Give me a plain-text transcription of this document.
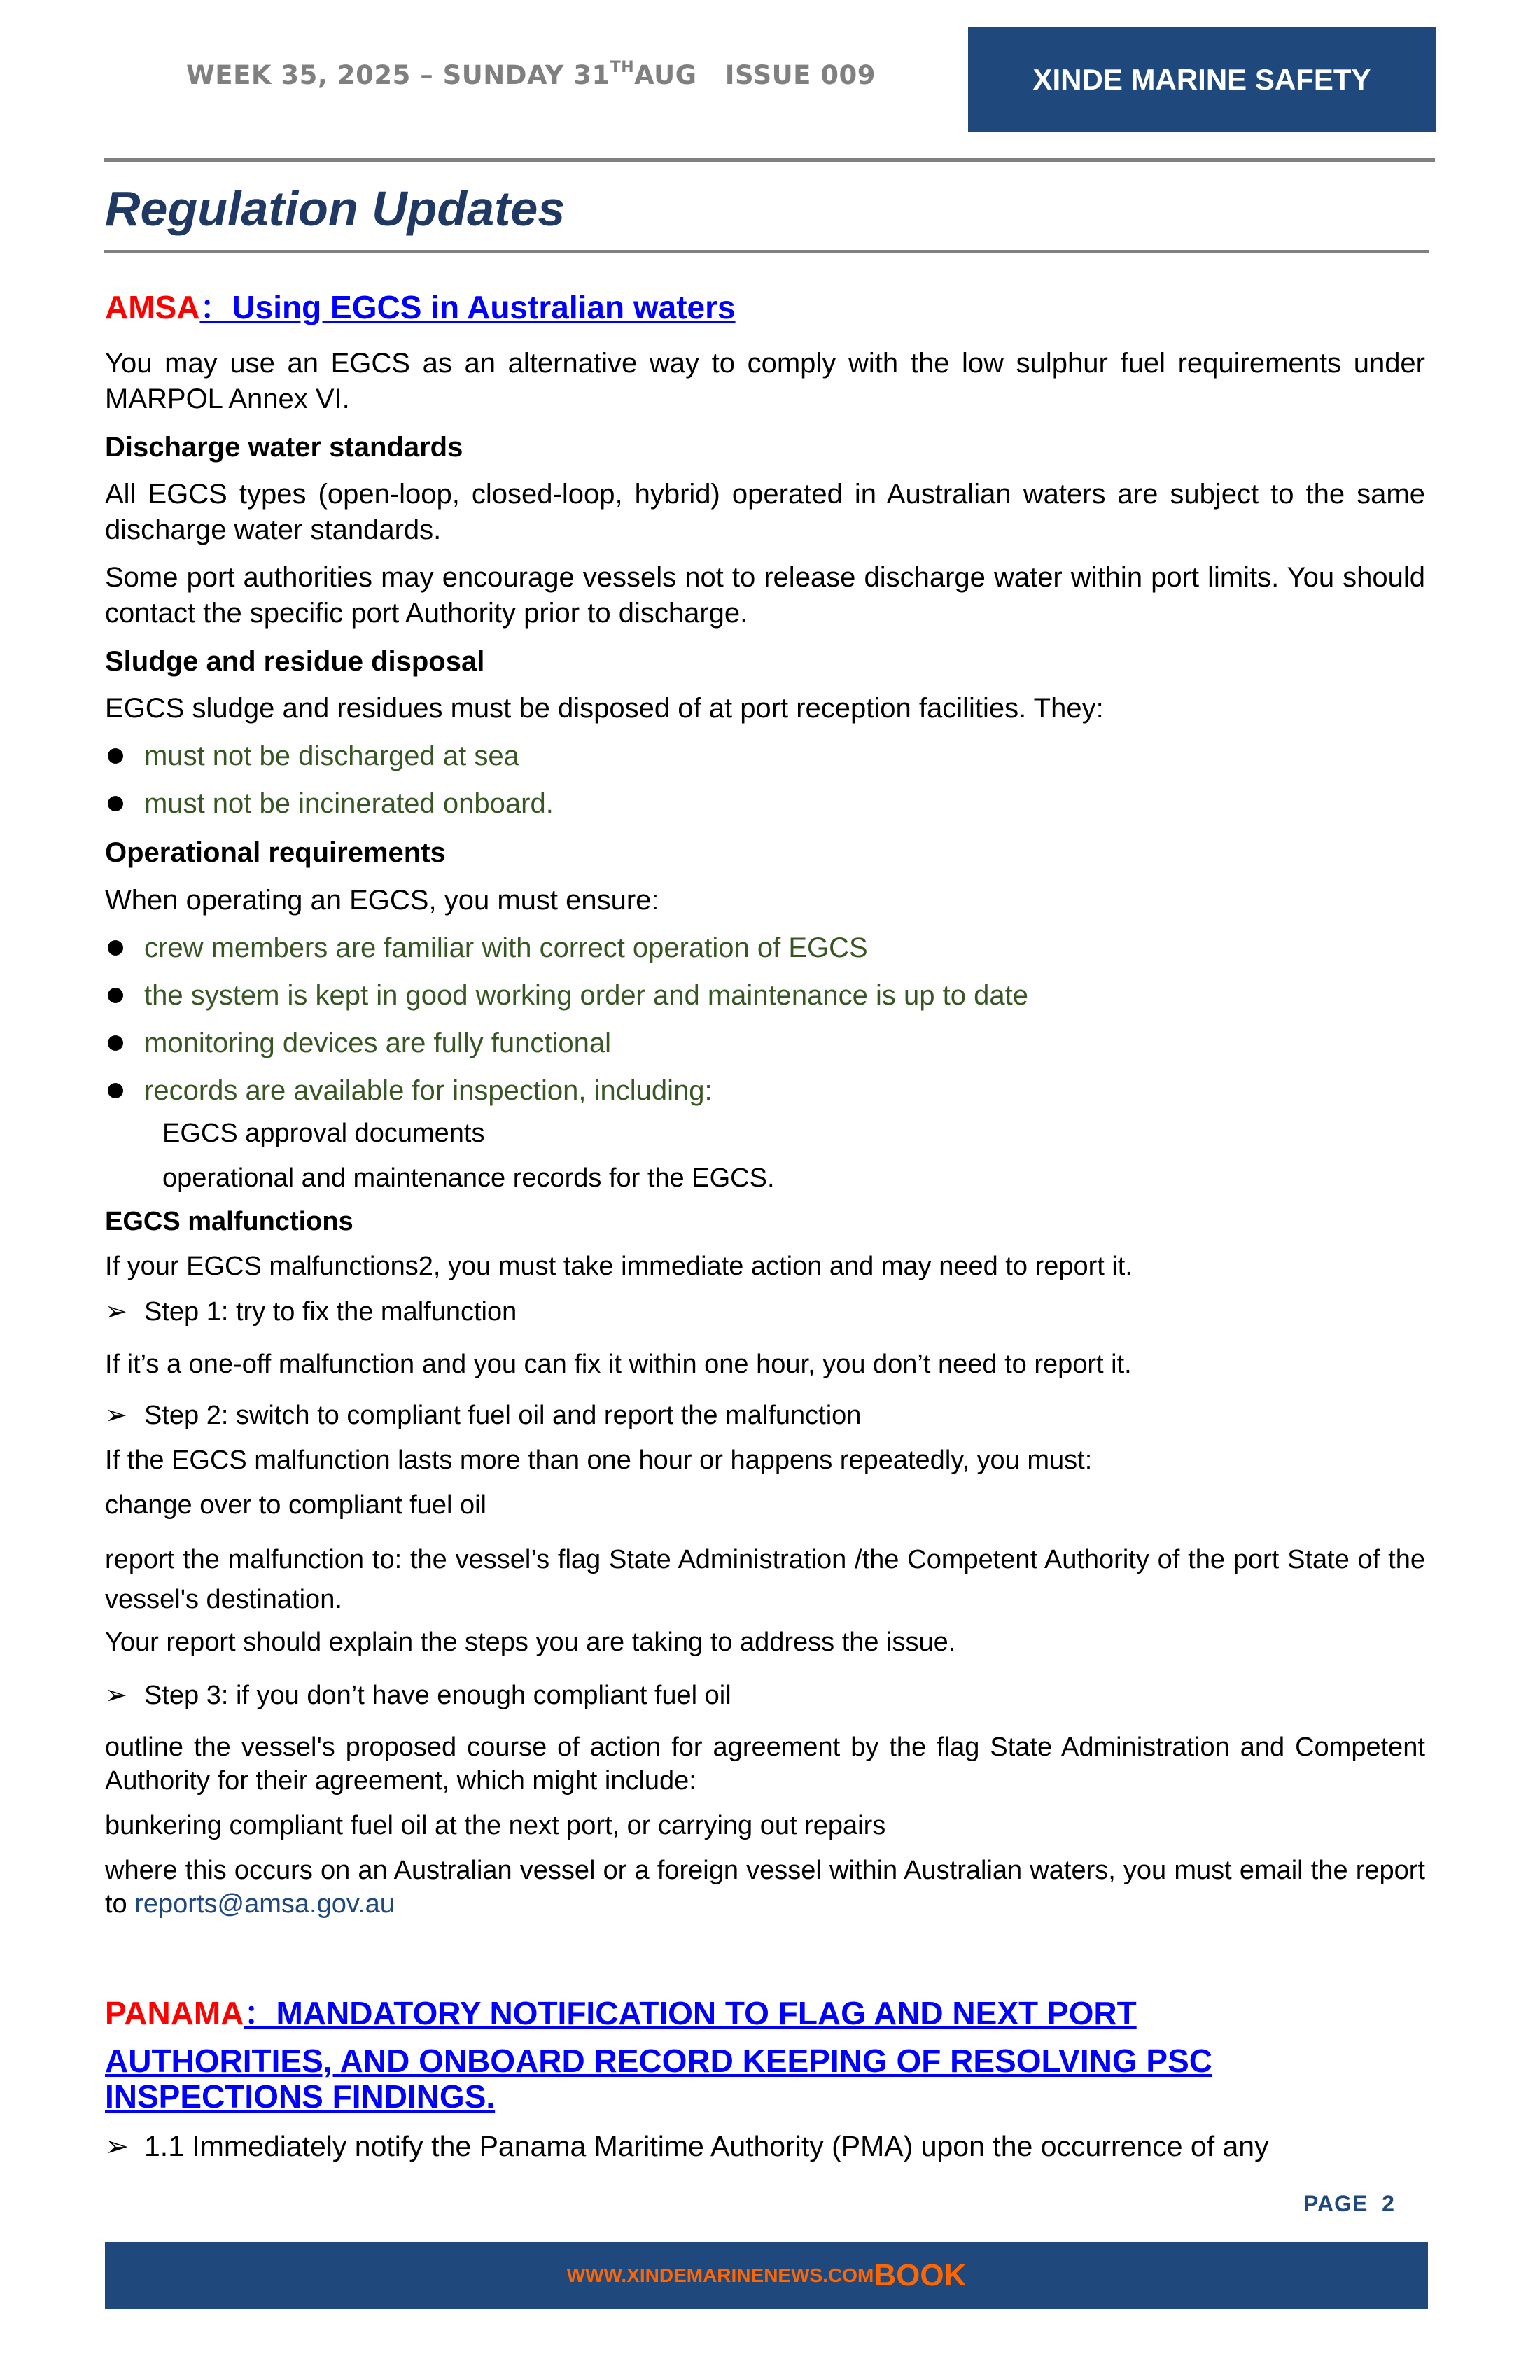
WEEK 35, 2025 – SUNDAY 31THAUG   ISSUE 009	XINDE MARINE SAFETY
Regulation Updates
AMSA：Using EGCS in Australian waters
You may use an EGCS as an alternative way to comply with the low sulphur fuel requirements under MARPOL Annex VI.
Discharge water standards
All EGCS types (open-loop, closed-loop, hybrid) operated in Australian waters are subject to the same discharge water standards.
Some port authorities may encourage vessels not to release discharge water within port limits. You should contact the specific port Authority prior to discharge.
Sludge and residue disposal
EGCS sludge and residues must be disposed of at port reception facilities. They:
must not be discharged at sea
must not be incinerated onboard.
Operational requirements
When operating an EGCS, you must ensure:
crew members are familiar with correct operation of EGCS
the system is kept in good working order and maintenance is up to date
monitoring devices are fully functional
records are available for inspection, including:
EGCS approval documents
operational and maintenance records for the EGCS.
EGCS malfunctions
If your EGCS malfunctions2, you must take immediate action and may need to report it.
➢ Step 1: try to fix the malfunction
If it’s a one-off malfunction and you can fix it within one hour, you don’t need to report it.
➢ Step 2: switch to compliant fuel oil and report the malfunction
If the EGCS malfunction lasts more than one hour or happens repeatedly, you must:
change over to compliant fuel oil
report the malfunction to: the vessel’s flag State Administration /the Competent Authority of the port State of the vessel's destination.
Your report should explain the steps you are taking to address the issue.
➢ Step 3: if you don’t have enough compliant fuel oil
outline the vessel's proposed course of action for agreement by the flag State Administration and Competent Authority for their agreement, which might include:
bunkering compliant fuel oil at the next port, or carrying out repairs
where this occurs on an Australian vessel or a foreign vessel within Australian waters, you must email the report to reports@amsa.gov.au
PANAMA：MANDATORY NOTIFICATION TO FLAG AND NEXT PORT
AUTHORITIES, AND ONBOARD RECORD KEEPING OF RESOLVING PSC
INSPECTIONS FINDINGS.
➢ 1.1 Immediately notify the Panama Maritime Authority (PMA) upon the occurrence of any
PAGE  2
WWW.XINDEMARINENEWS.COM BOOK
